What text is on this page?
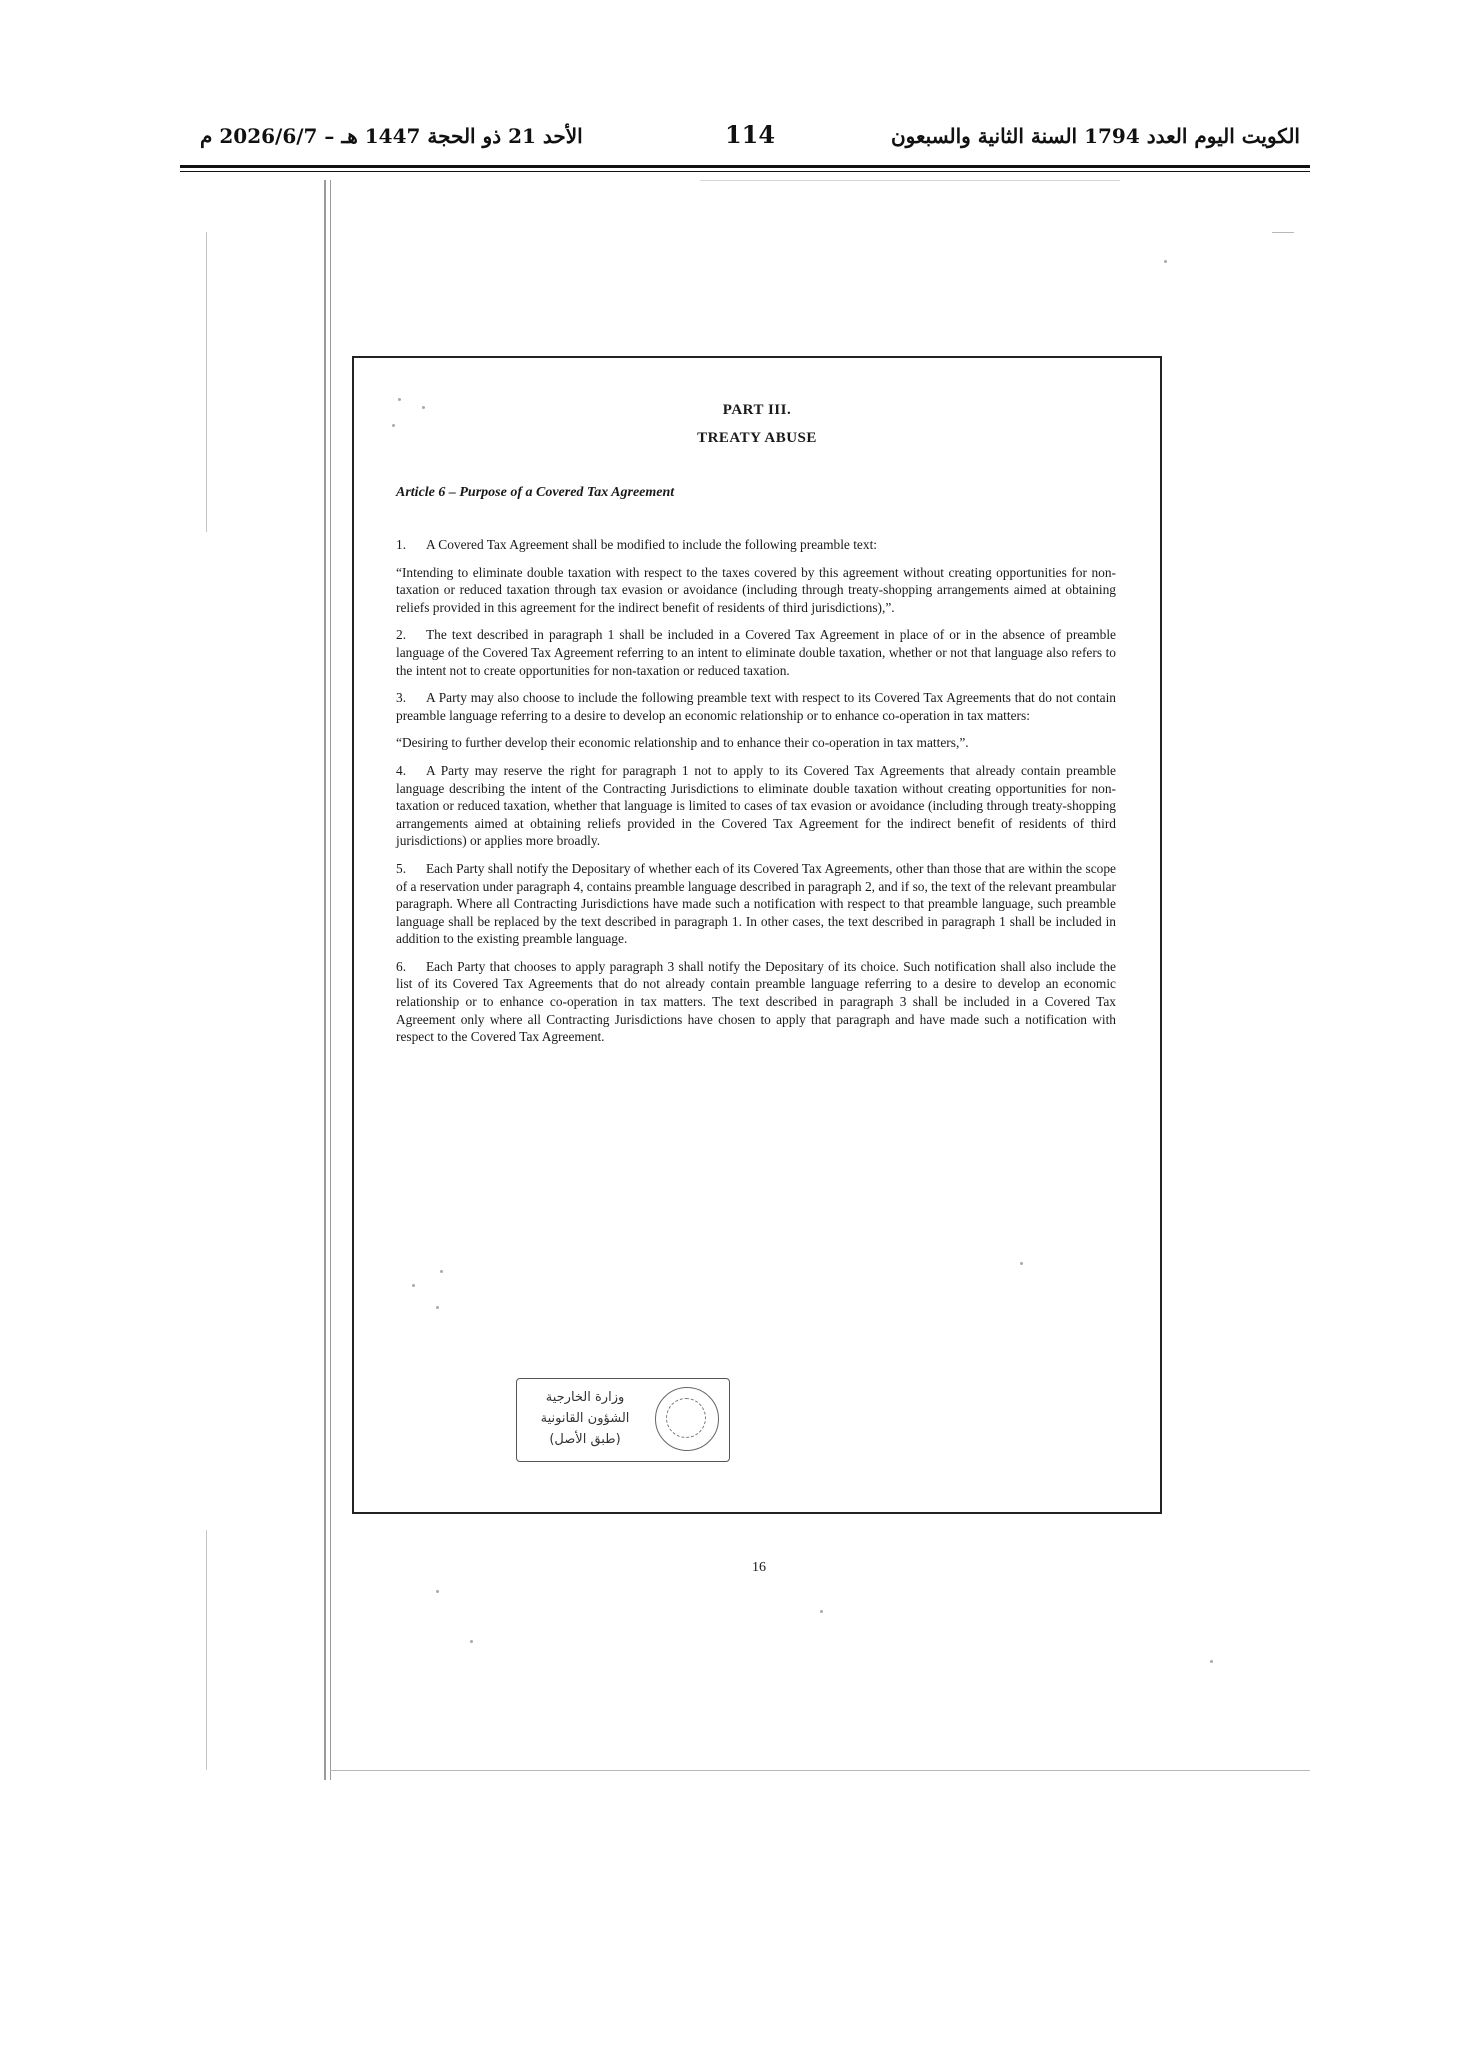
الكويت اليوم العدد 1794 السنة الثانية والسبعون
114
الأحد 21 ذو الحجة 1447 هـ – 2026/6/7 م
PART III.
TREATY ABUSE
Article 6 – Purpose of a Covered Tax Agreement

1. A Covered Tax Agreement shall be modified to include the following preamble text:

“Intending to eliminate double taxation with respect to the taxes covered by this agreement without creating opportunities for non-taxation or reduced taxation through tax evasion or avoidance (including through treaty-shopping arrangements aimed at obtaining reliefs provided in this agreement for the indirect benefit of residents of third jurisdictions),”.

2. The text described in paragraph 1 shall be included in a Covered Tax Agreement in place of or in the absence of preamble language of the Covered Tax Agreement referring to an intent to eliminate double taxation, whether or not that language also refers to the intent not to create opportunities for non-taxation or reduced taxation.

3. A Party may also choose to include the following preamble text with respect to its Covered Tax Agreements that do not contain preamble language referring to a desire to develop an economic relationship or to enhance co-operation in tax matters:

“Desiring to further develop their economic relationship and to enhance their co-operation in tax matters,”.

4. A Party may reserve the right for paragraph 1 not to apply to its Covered Tax Agreements that already contain preamble language describing the intent of the Contracting Jurisdictions to eliminate double taxation without creating opportunities for non-taxation or reduced taxation, whether that language is limited to cases of tax evasion or avoidance (including through treaty-shopping arrangements aimed at obtaining reliefs provided in the Covered Tax Agreement for the indirect benefit of residents of third jurisdictions) or applies more broadly.

5. Each Party shall notify the Depositary of whether each of its Covered Tax Agreements, other than those that are within the scope of a reservation under paragraph 4, contains preamble language described in paragraph 2, and if so, the text of the relevant preambular paragraph. Where all Contracting Jurisdictions have made such a notification with respect to that preamble language, such preamble language shall be replaced by the text described in paragraph 1. In other cases, the text described in paragraph 1 shall be included in addition to the existing preamble language.

6. Each Party that chooses to apply paragraph 3 shall notify the Depositary of its choice. Such notification shall also include the list of its Covered Tax Agreements that do not already contain preamble language referring to a desire to develop an economic relationship or to enhance co-operation in tax matters. The text described in paragraph 3 shall be included in a Covered Tax Agreement only where all Contracting Jurisdictions have chosen to apply that paragraph and have made such a notification with respect to the Covered Tax Agreement.

وزارة الخارجية
الشؤون القانونية
(طبق الأصل)
16
